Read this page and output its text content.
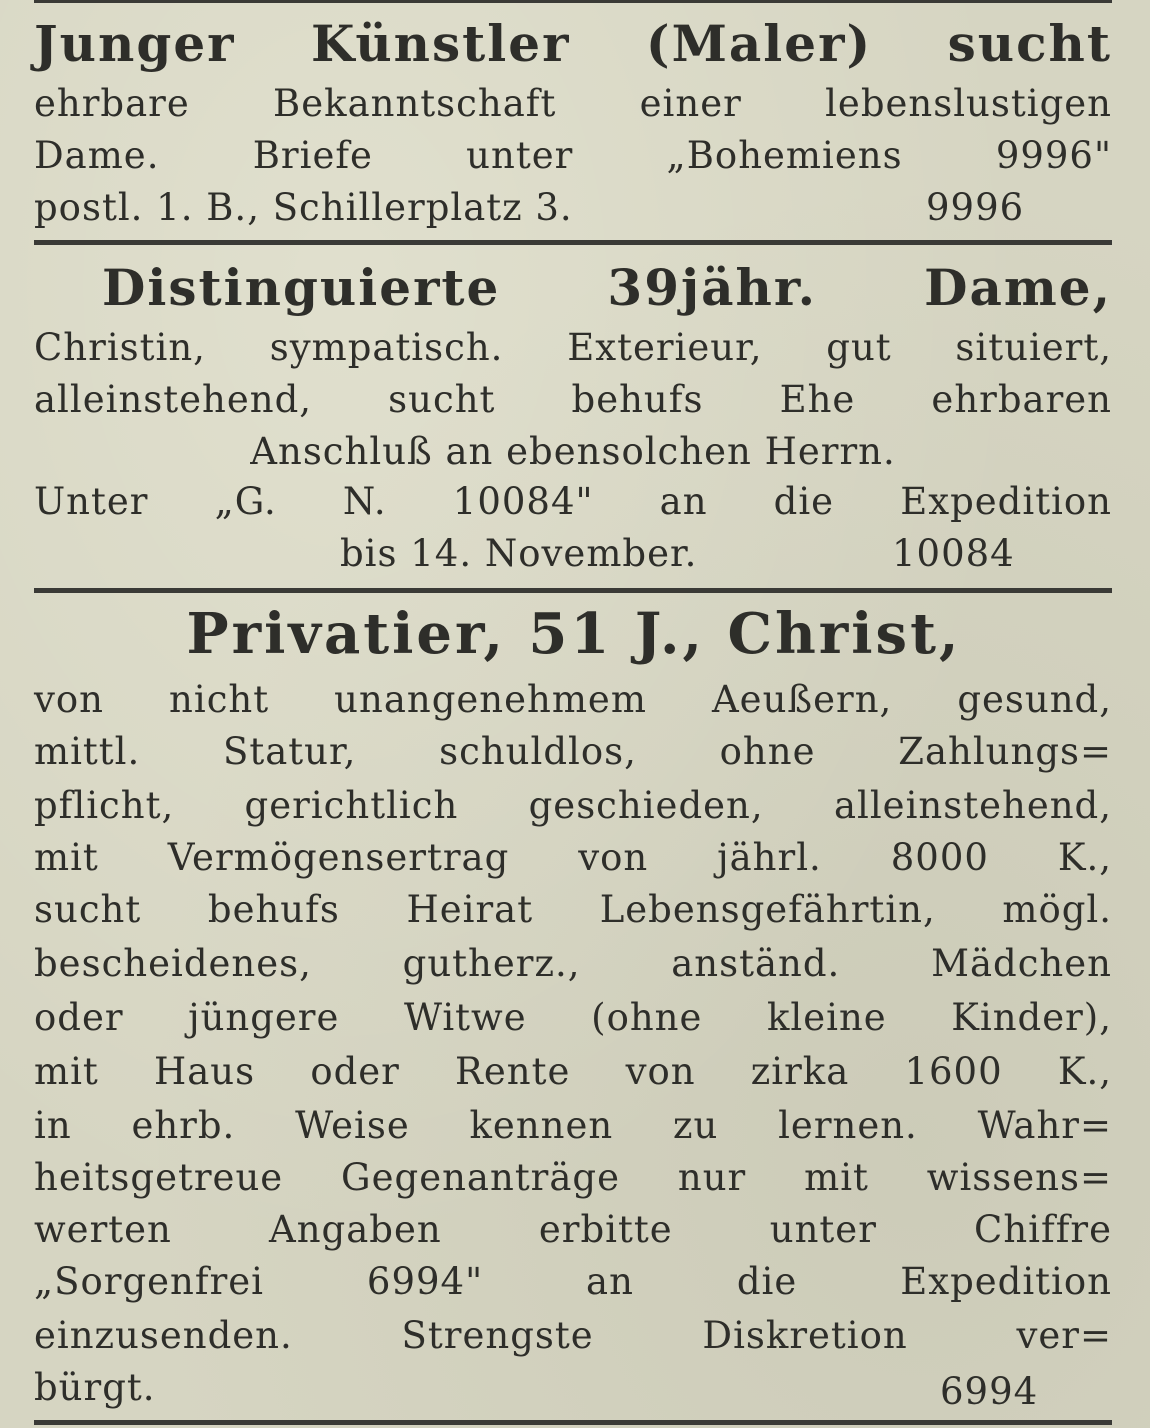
Junger Künstler (Maler) sucht
ehrbare Bekanntschaft einer lebenslustigen
Dame. Briefe unter „Bohemiens 9996"
postl. 1. B., Schillerplatz 3.	9996
Distinguierte 39jähr. Dame,
Christin, sympatisch. Exterieur, gut situiert,
alleinstehend, sucht behufs Ehe ehrbaren
Anschluß an ebensolchen Herrn.
Unter „G. N. 10084" an die Expedition
bis 14. November.	10084
Privatier, 51 J., Christ,
von nicht unangenehmem Aeußern, gesund,
mittl. Statur, schuldlos, ohne Zahlungs=
pflicht, gerichtlich geschieden, alleinstehend,
mit Vermögensertrag von jährl. 8000 K.,
sucht behufs Heirat Lebensgefährtin, mögl.
bescheidenes, gutherz., anständ. Mädchen
oder jüngere Witwe (ohne kleine Kinder),
mit Haus oder Rente von zirka 1600 K.,
in ehrb. Weise kennen zu lernen. Wahr=
heitsgetreue Gegenanträge nur mit wissens=
werten Angaben erbitte unter Chiffre
„Sorgenfrei 6994" an die Expedition
einzusenden. Strengste Diskretion ver=
bürgt.	6994
